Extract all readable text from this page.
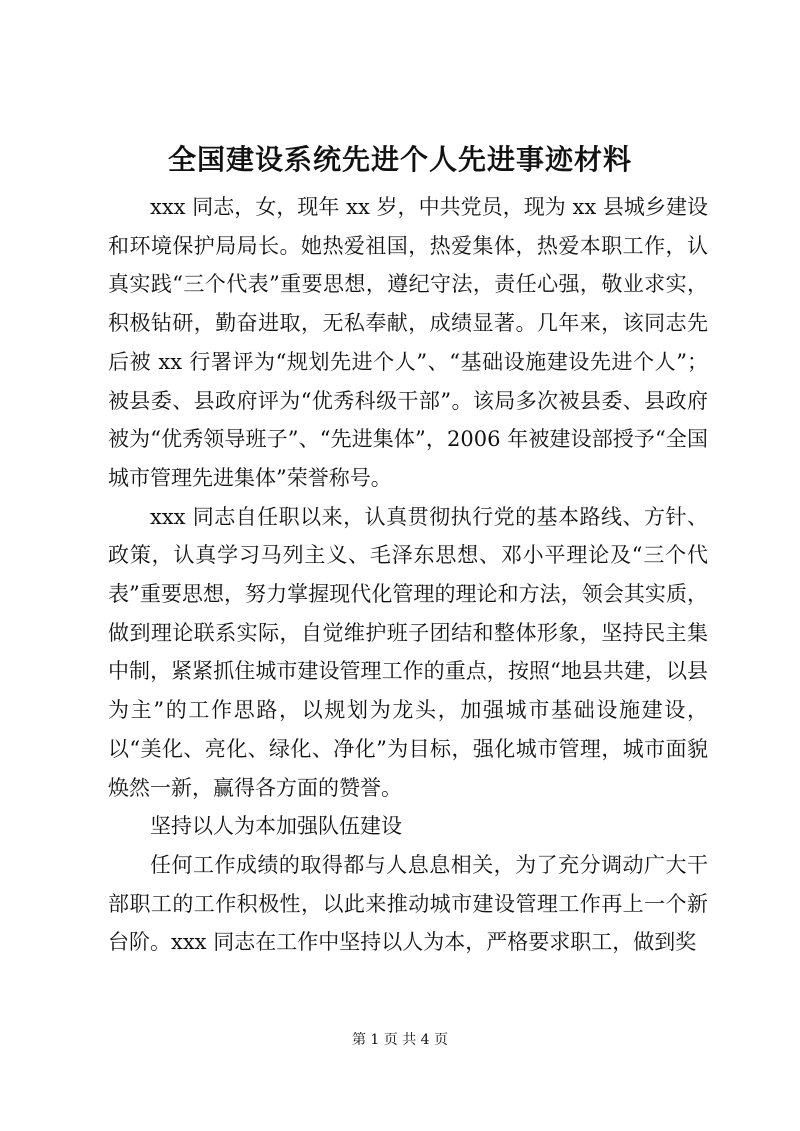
全国建设系统先进个人先进事迹材料

xxx 同志，女，现年 xx 岁，中共党员，现为 xx 县城乡建设和环境保护局局长。她热爱祖国，热爱集体，热爱本职工作，认真实践“三个代表”重要思想，遵纪守法，责任心强，敬业求实，积极钻研，勤奋进取，无私奉献，成绩显著。几年来，该同志先后被 xx 行署评为“规划先进个人”、“基础设施建设先进个人”；被县委、县政府评为“优秀科级干部”。该局多次被县委、县政府被为“优秀领导班子”、“先进集体”，2006 年被建设部授予“全国城市管理先进集体”荣誉称号。

xxx 同志自任职以来，认真贯彻执行党的基本路线、方针、政策，认真学习马列主义、毛泽东思想、邓小平理论及“三个代表”重要思想，努力掌握现代化管理的理论和方法，领会其实质，做到理论联系实际，自觉维护班子团结和整体形象，坚持民主集中制，紧紧抓住城市建设管理工作的重点，按照“地县共建，以县为主”的工作思路，以规划为龙头，加强城市基础设施建设，以“美化、亮化、绿化、净化”为目标，强化城市管理，城市面貌焕然一新，赢得各方面的赞誉。

坚持以人为本加强队伍建设

任何工作成绩的取得都与人息息相关，为了充分调动广大干部职工的工作积极性，以此来推动城市建设管理工作再上一个新台阶。xxx 同志在工作中坚持以人为本，严格要求职工，做到奖

第 1 页 共 4 页
